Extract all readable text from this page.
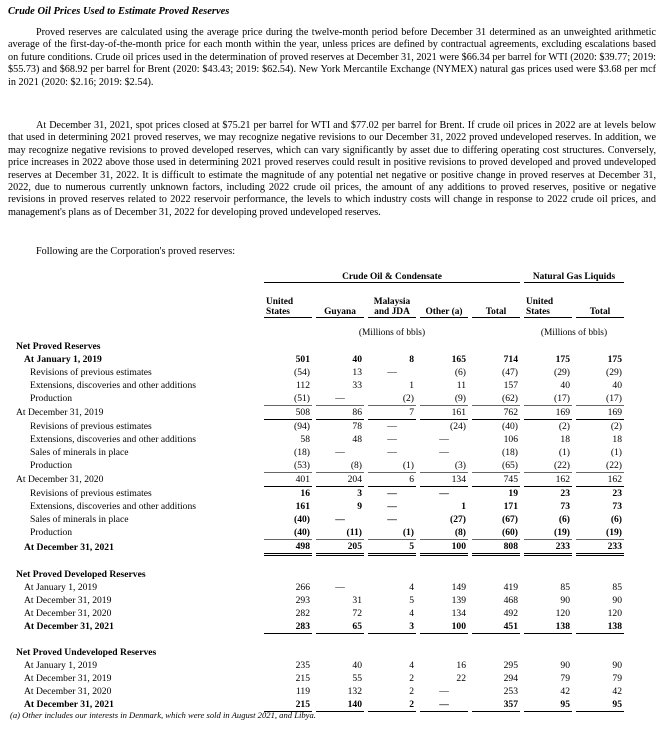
Crude Oil Prices Used to Estimate Proved Reserves

Proved reserves are calculated using the average price during the twelve-month period before December 31 determined as an unweighted arithmetic average of the first-day-of-the-month price for each month within the year, unless prices are defined by contractual agreements, excluding escalations based on future conditions. Crude oil prices used in the determination of proved reserves at December 31, 2021 were $66.34 per barrel for WTI (2020: $39.77; 2019: $55.73) and $68.92 per barrel for Brent (2020: $43.43; 2019: $62.54). New York Mercantile Exchange (NYMEX) natural gas prices used were $3.68 per mcf in 2021 (2020: $2.16; 2019: $2.54).

At December 31, 2021, spot prices closed at $75.21 per barrel for WTI and $77.02 per barrel for Brent. If crude oil prices in 2022 are at levels below that used in determining 2021 proved reserves, we may recognize negative revisions to our December 31, 2022 proved undeveloped reserves. In addition, we may recognize negative revisions to proved developed reserves, which can vary significantly by asset due to differing operating cost structures. Conversely, price increases in 2022 above those used in determining 2021 proved reserves could result in positive revisions to proved developed and proved undeveloped reserves at December 31, 2022. It is difficult to estimate the magnitude of any potential net negative or positive change in proved reserves at December 31, 2022, due to numerous currently unknown factors, including 2022 crude oil prices, the amount of any additions to proved reserves, positive or negative revisions in proved reserves related to 2022 reservoir performance, the levels to which industry costs will change in response to 2022 crude oil prices, and management's plans as of December 31, 2022 for developing proved undeveloped reserves.

Following are the Corporation's proved reserves:

	Crude Oil & Condensate					Natural Gas Liquids	
	United States	Guyana	Malaysia and JDA	Other (a)	Total	United States	Total
	(Millions of bbls)					(Millions of bbls)	
Net Proved Reserves							
At January 1, 2019	501	40	8	165	714	175	175
Revisions of previous estimates	(54)	13	—	(6)	(47)	(29)	(29)
Extensions, discoveries and other additions	112	33	1	11	157	40	40
Production	(51)	—	(2)	(9)	(62)	(17)	(17)
At December 31, 2019	508	86	7	161	762	169	169
Revisions of previous estimates	(94)	78	—	(24)	(40)	(2)	(2)
Extensions, discoveries and other additions	58	48	—	—	106	18	18
Sales of minerals in place	(18)	—	—	—	(18)	(1)	(1)
Production	(53)	(8)	(1)	(3)	(65)	(22)	(22)
At December 31, 2020	401	204	6	134	745	162	162
Revisions of previous estimates	16	3	—	—	19	23	23
Extensions, discoveries and other additions	161	9	—	1	171	73	73
Sales of minerals in place	(40)	—	—	(27)	(67)	(6)	(6)
Production	(40)	(11)	(1)	(8)	(60)	(19)	(19)
At December 31, 2021	498	205	5	100	808	233	233

Net Proved Developed Reserves							
At January 1, 2019	266	—	4	149	419	85	85
At December 31, 2019	293	31	5	139	468	90	90
At December 31, 2020	282	72	4	134	492	120	120
At December 31, 2021	283	65	3	100	451	138	138

Net Proved Undeveloped Reserves							
At January 1, 2019	235	40	4	16	295	90	90
At December 31, 2019	215	55	2	22	294	79	79
At December 31, 2020	119	132	2	—	253	42	42
At December 31, 2021	215	140	2	—	357	95	95
(a) Other includes our interests in Denmark, which were sold in August 2021, and Libya.
